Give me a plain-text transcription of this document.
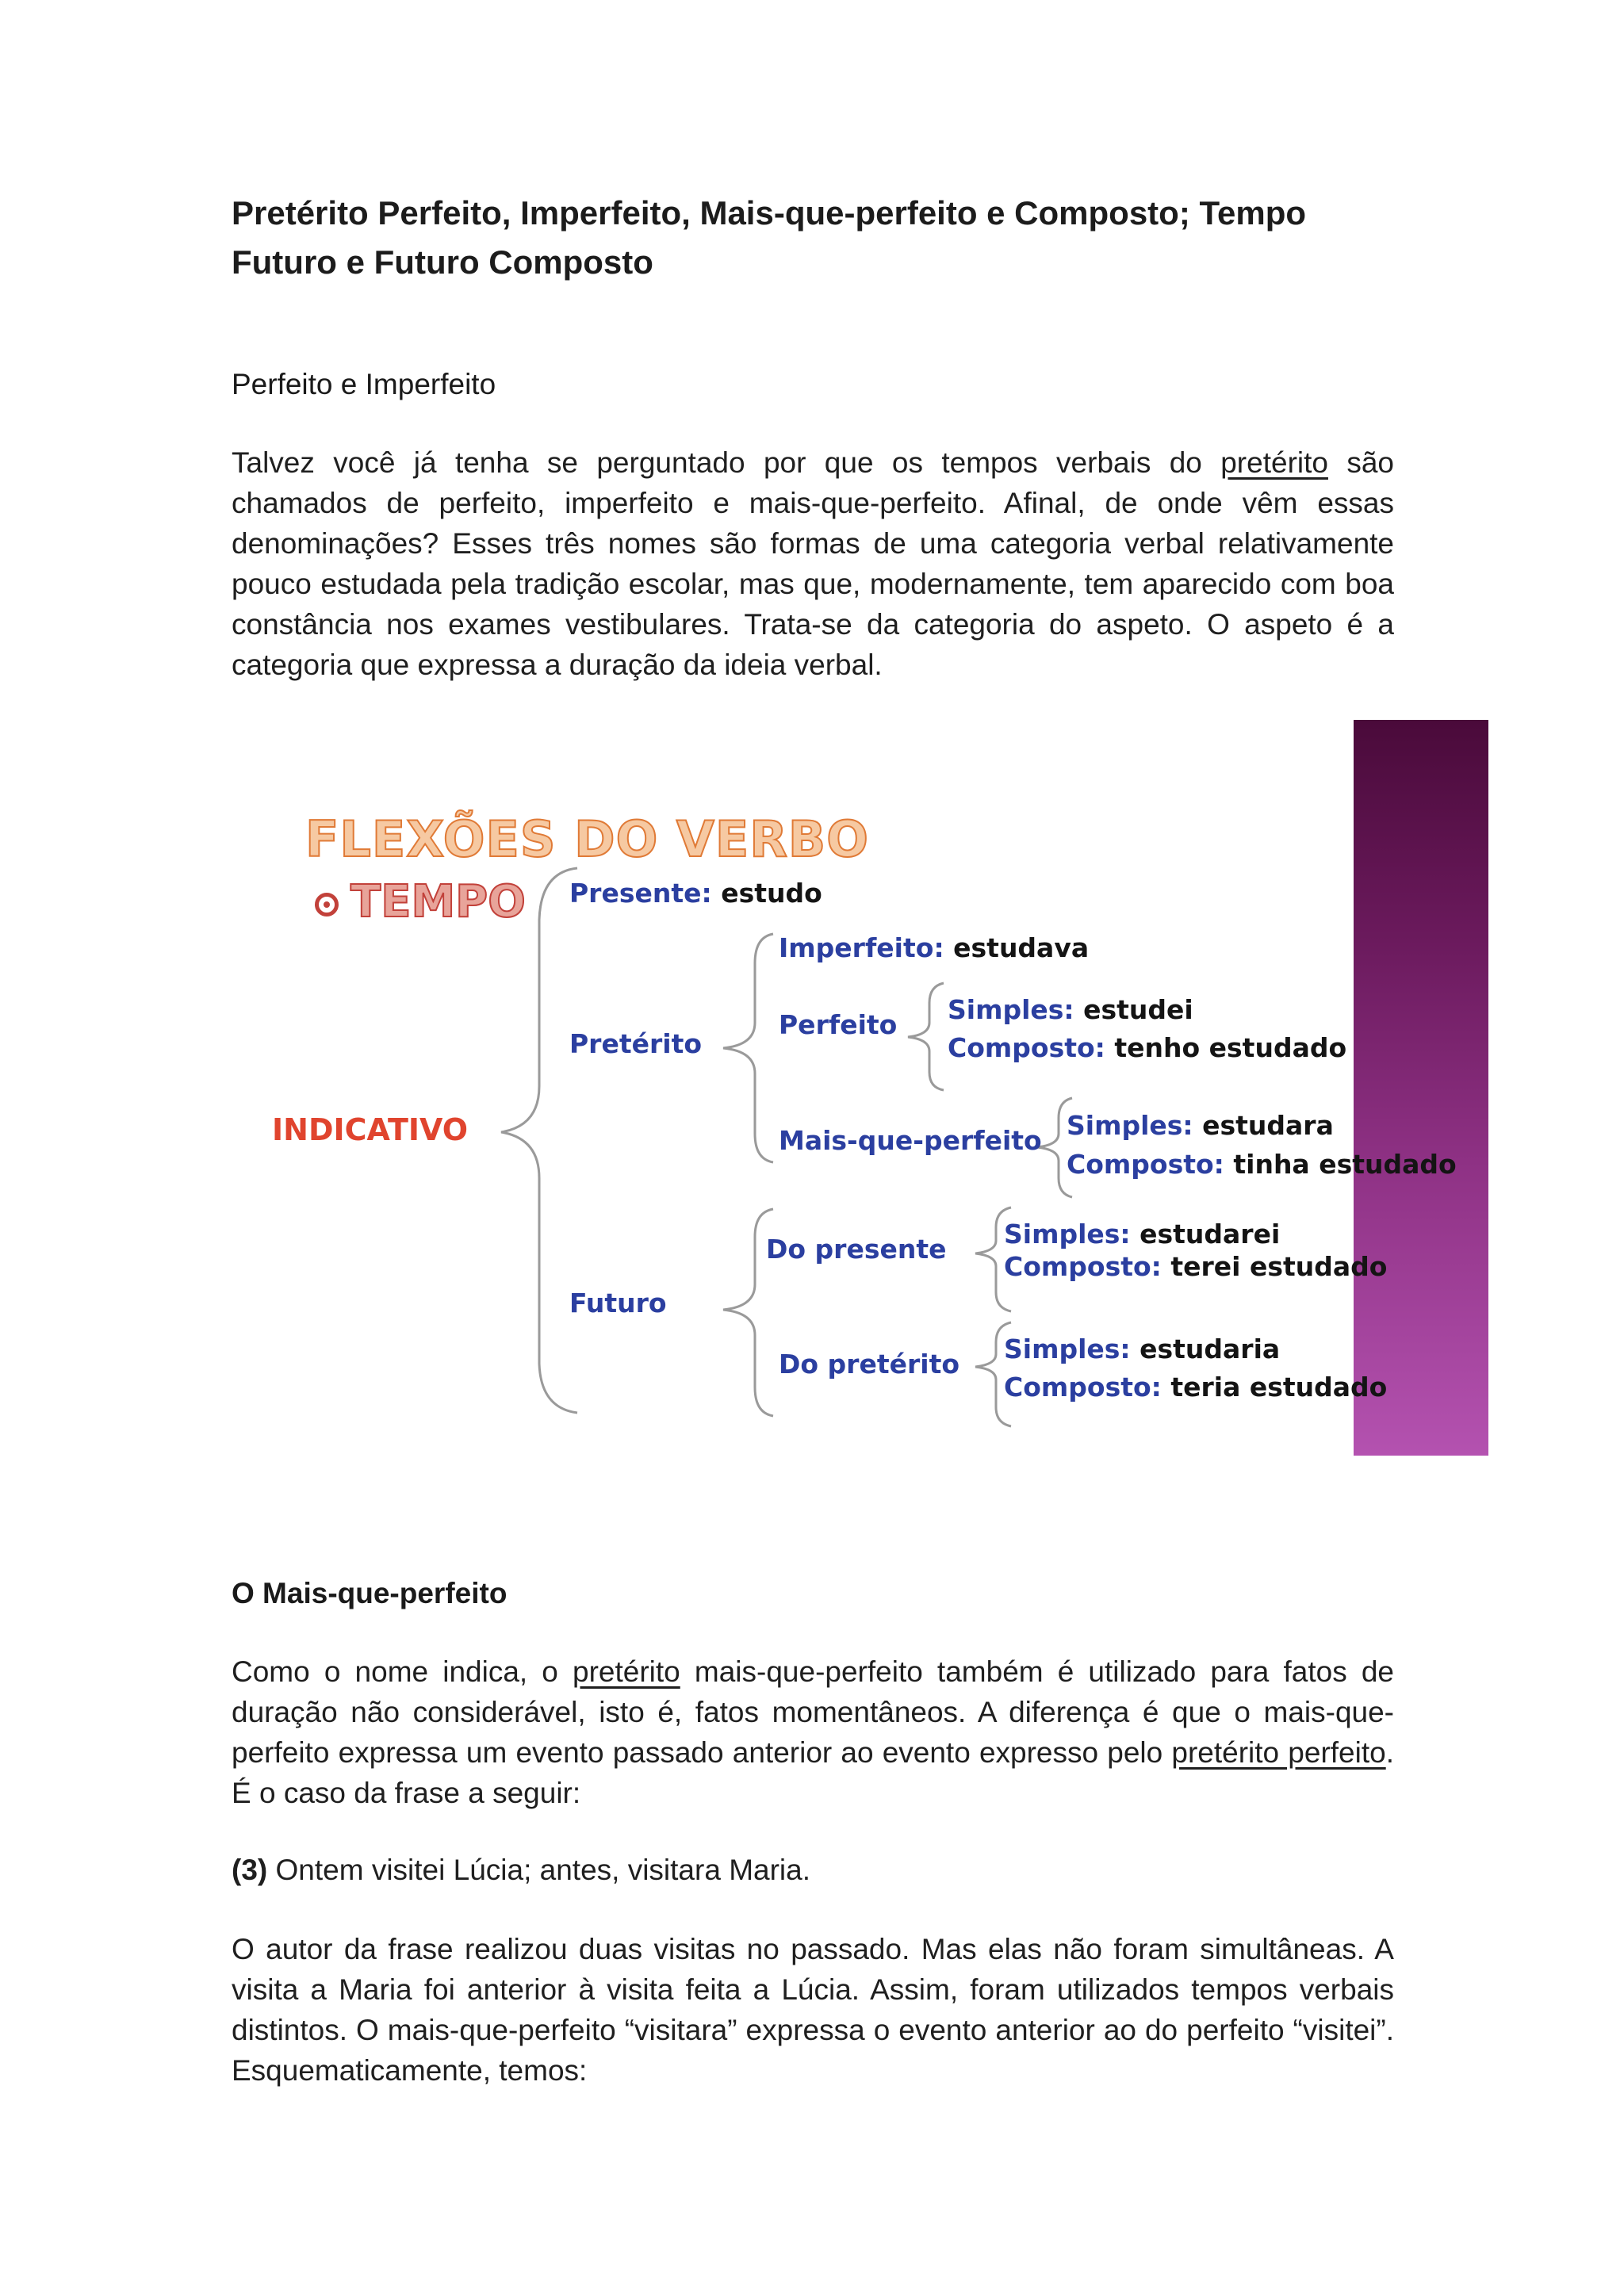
Pretérito Perfeito, Imperfeito, Mais-que-perfeito e Composto; Tempo Futuro e Futuro Composto
Perfeito e Imperfeito
Talvez você já tenha se perguntado por que os tempos verbais do pretérito são chamados de perfeito, imperfeito e mais-que-perfeito. Afinal, de onde vêm essas denominações? Esses três nomes são formas de uma categoria verbal relativamente pouco estudada pela tradição escolar, mas que, modernamente, tem aparecido com boa constância nos exames vestibulares. Trata-se da categoria do aspeto. O aspeto é a categoria que expressa a duração da ideia verbal.
FLEXÕES DO VERBO
TEMPO
INDICATIVO
Presente: estudo
Pretérito
Imperfeito: estudava
Perfeito Simples: estudei
Composto: tenho estudado
Mais-que-perfeito Simples: estudara
Composto: tinha estudado
Futuro
Do presente Simples: estudarei
Composto: terei estudado
Do pretérito Simples: estudaria
Composto: teria estudado
O Mais-que-perfeito
Como o nome indica, o pretérito mais-que-perfeito também é utilizado para fatos de duração não considerável, isto é, fatos momentâneos. A diferença é que o mais-que-perfeito expressa um evento passado anterior ao evento expresso pelo pretérito perfeito. É o caso da frase a seguir:
(3) Ontem visitei Lúcia; antes, visitara Maria.
O autor da frase realizou duas visitas no passado. Mas elas não foram simultâneas. A visita a Maria foi anterior à visita feita a Lúcia. Assim, foram utilizados tempos verbais distintos. O mais-que-perfeito “visitara” expressa o evento anterior ao do perfeito “visitei”. Esquematicamente, temos:
